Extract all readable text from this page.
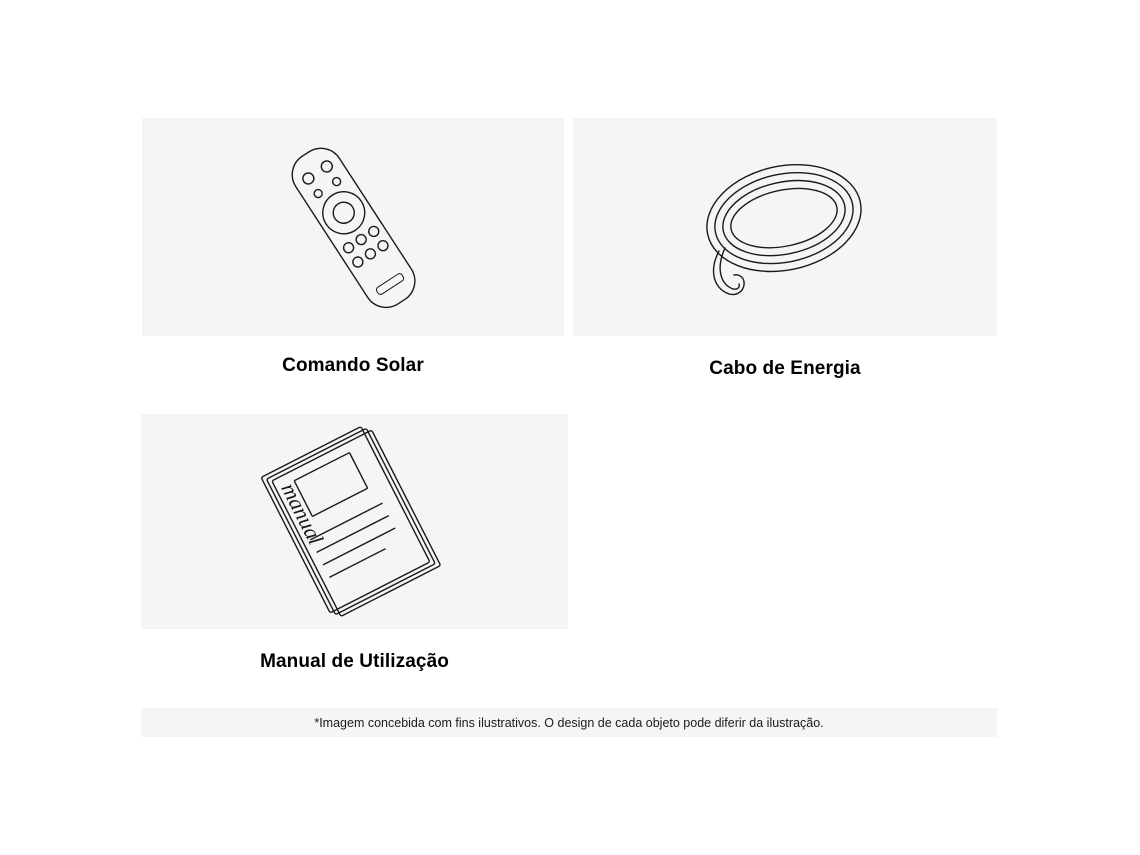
Comando Solar	Cabo de Energia
manual
Manual de Utilização
*Imagem concebida com fins ilustrativos. O design de cada objeto pode diferir da ilustração.
